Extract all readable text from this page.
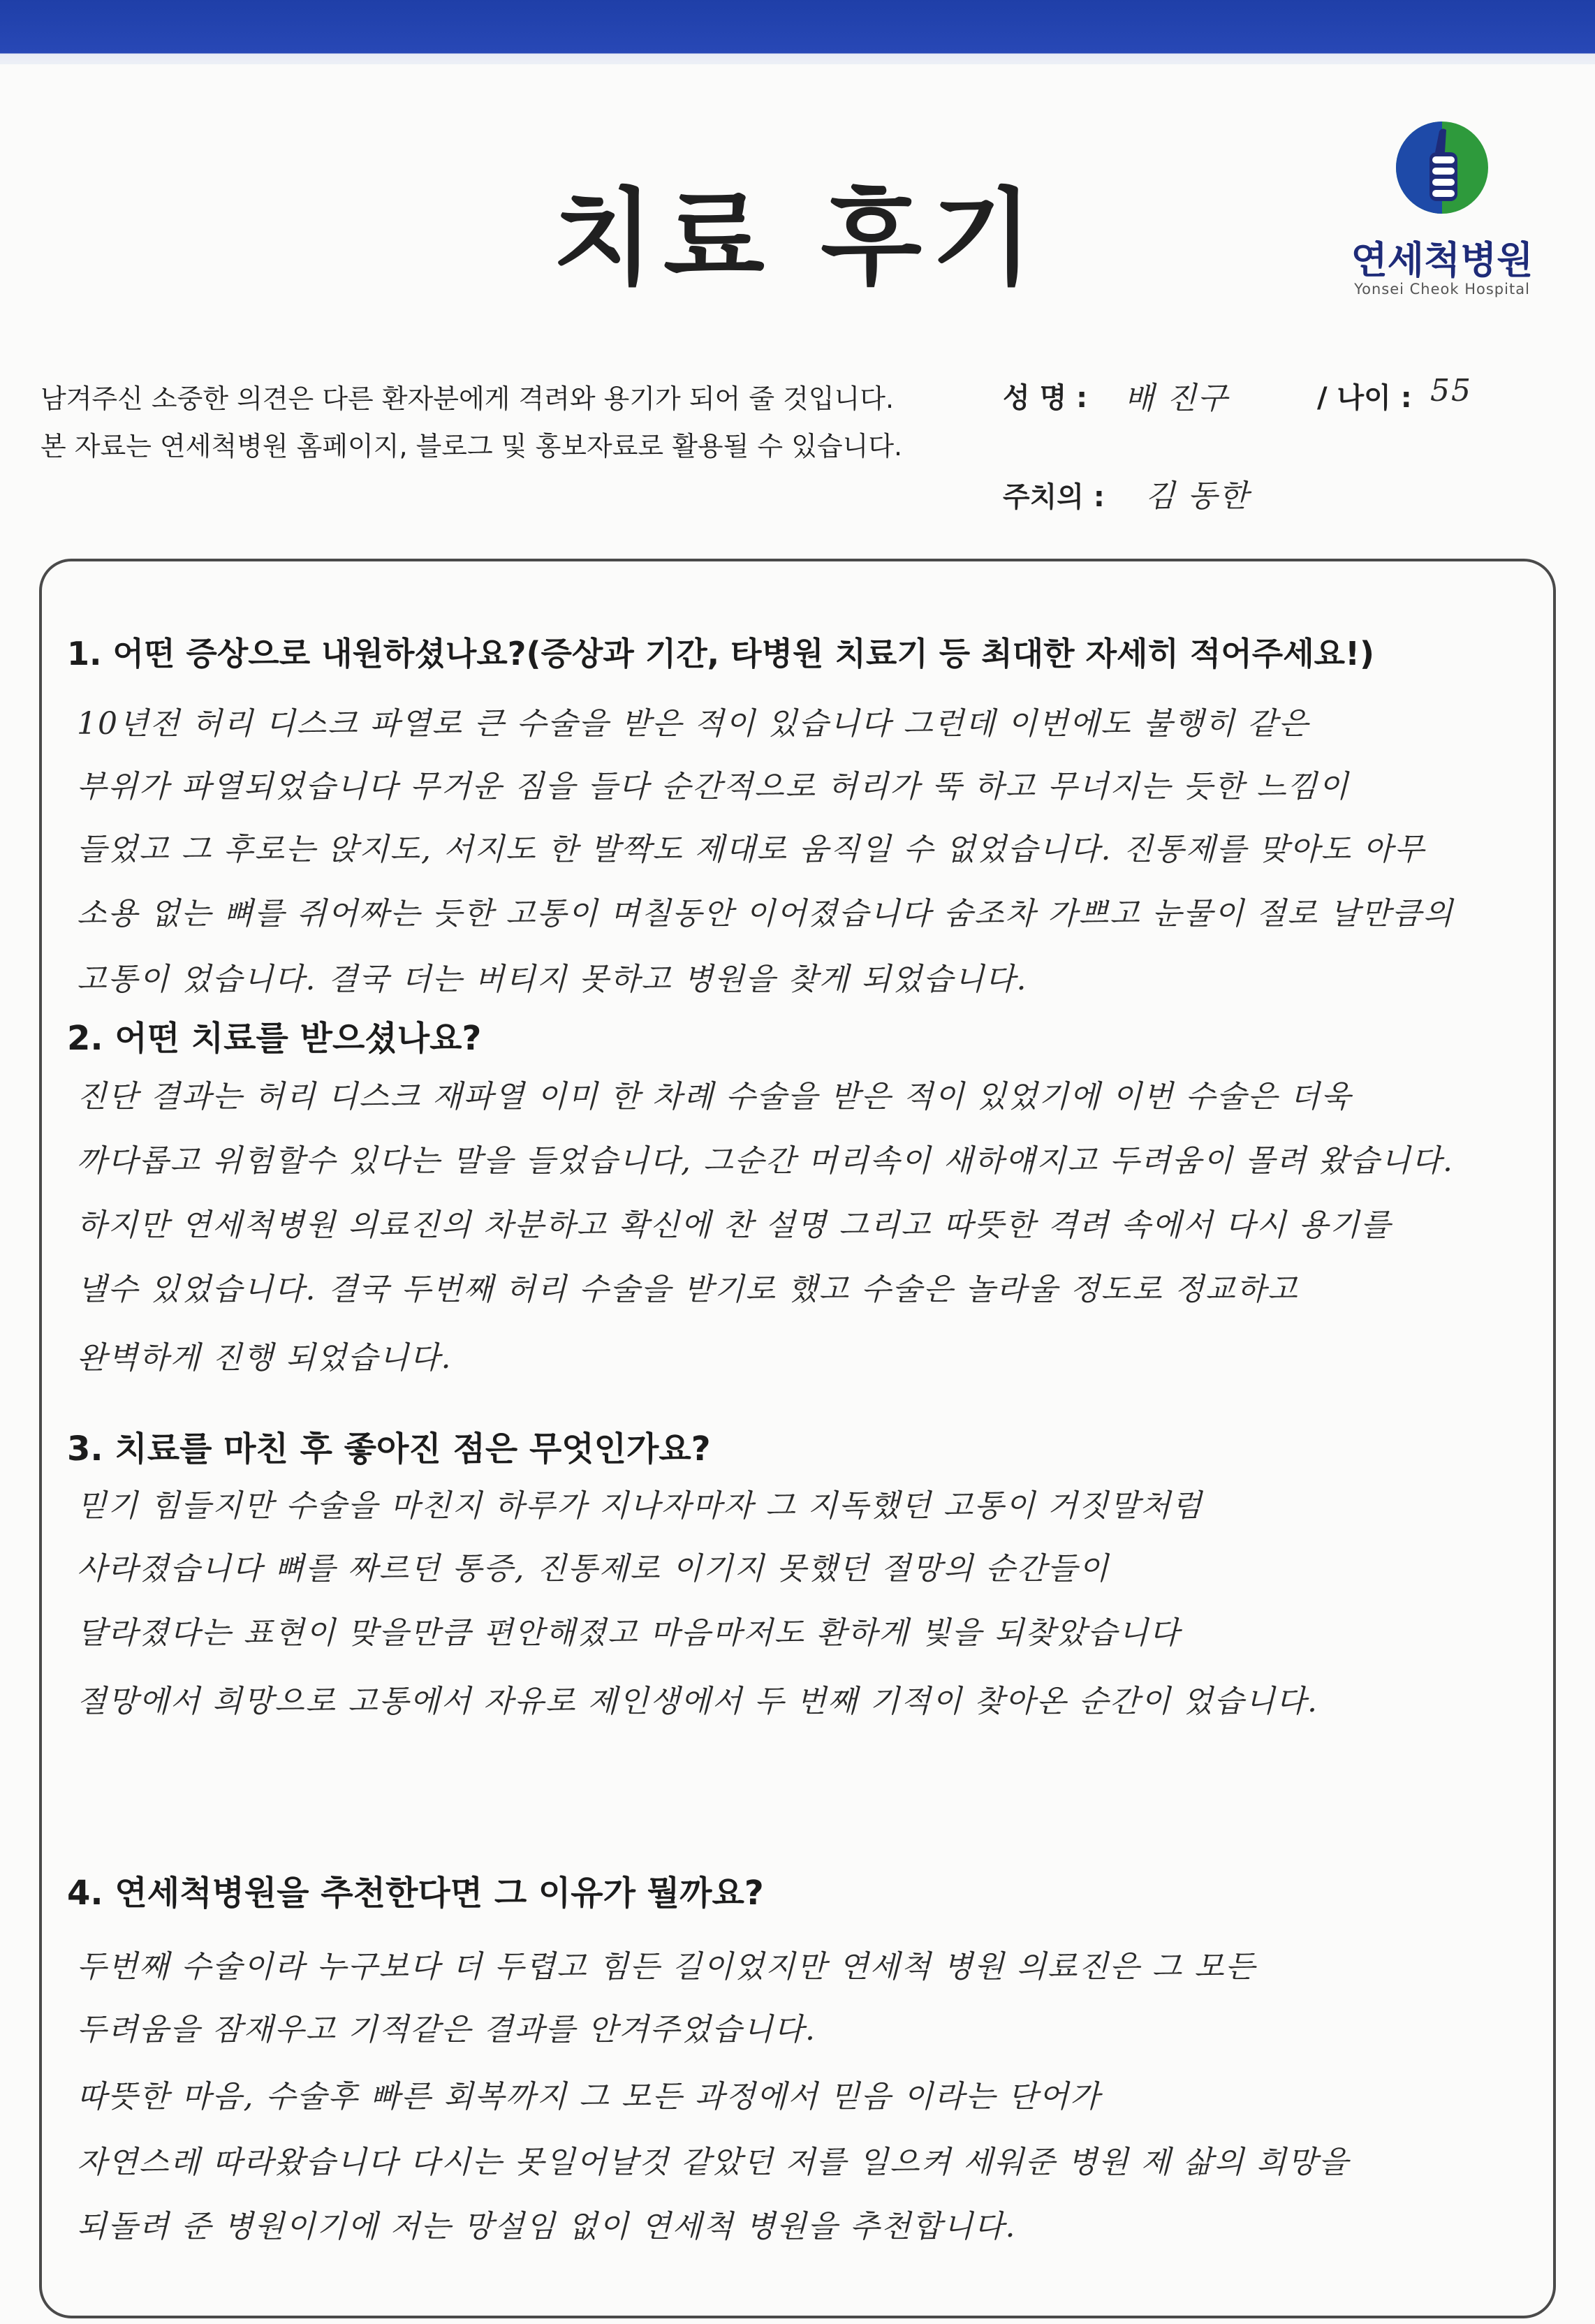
치료 후기	연세척병원
Yonsei Cheok Hospital
남겨주신 소중한 의견은 다른 환자분에게 격려와 용기가 되어 줄 것입니다.
본 자료는 연세척병원 홈페이지, 블로그 및 홍보자료로 활용될 수 있습니다.
성 명 : 배 진구	/ 나이 : 55
주치의 : 김 동한
1. 어떤 증상으로 내원하셨나요?(증상과 기간, 타병원 치료기 등 최대한 자세히 적어주세요!)
10년전 허리 디스크 파열로 큰 수술을 받은 적이 있습니다 그런데 이번에도 불행히 같은
부위가 파열되었습니다 무거운 짐을 들다 순간적으로 허리가 뚝 하고 무너지는 듯한 느낌이
들었고 그 후로는 앉지도, 서지도 한 발짝도 제대로 움직일 수 없었습니다. 진통제를 맞아도 아무
소용 없는 뼈를 쥐어짜는 듯한 고통이 며칠동안 이어졌습니다 숨조차 가쁘고 눈물이 절로 날만큼의
고통이 었습니다. 결국 더는 버티지 못하고 병원을 찾게 되었습니다.
2. 어떤 치료를 받으셨나요?
진단 결과는 허리 디스크 재파열 이미 한 차례 수술을 받은 적이 있었기에 이번 수술은 더욱
까다롭고 위험할수 있다는 말을 들었습니다, 그순간 머리속이 새하얘지고 두려움이 몰려 왔습니다.
하지만 연세척병원 의료진의 차분하고 확신에 찬 설명 그리고 따뜻한 격려 속에서 다시 용기를
낼수 있었습니다. 결국 두번째 허리 수술을 받기로 했고 수술은 놀라울 정도로 정교하고
완벽하게 진행 되었습니다.
3. 치료를 마친 후 좋아진 점은 무엇인가요?
믿기 힘들지만 수술을 마친지 하루가 지나자마자 그 지독했던 고통이 거짓말처럼
사라졌습니다 뼈를 짜르던 통증, 진통제로 이기지 못했던 절망의 순간들이
달라졌다는 표현이 맞을만큼 편안해졌고 마음마저도 환하게 빛을 되찾았습니다
절망에서 희망으로 고통에서 자유로 제인생에서 두 번째 기적이 찾아온 순간이 었습니다.
4. 연세척병원을 추천한다면 그 이유가 뭘까요?
두번째 수술이라 누구보다 더 두렵고 힘든 길이었지만 연세척 병원 의료진은 그 모든
두려움을 잠재우고 기적같은 결과를 안겨주었습니다.
따뜻한 마음, 수술후 빠른 회복까지 그 모든 과정에서 믿음 이라는 단어가
자연스레 따라왔습니다 다시는 못일어날것 같았던 저를 일으켜 세워준 병원 제 삶의 희망을
되돌려 준 병원이기에 저는 망설임 없이 연세척 병원을 추천합니다.
